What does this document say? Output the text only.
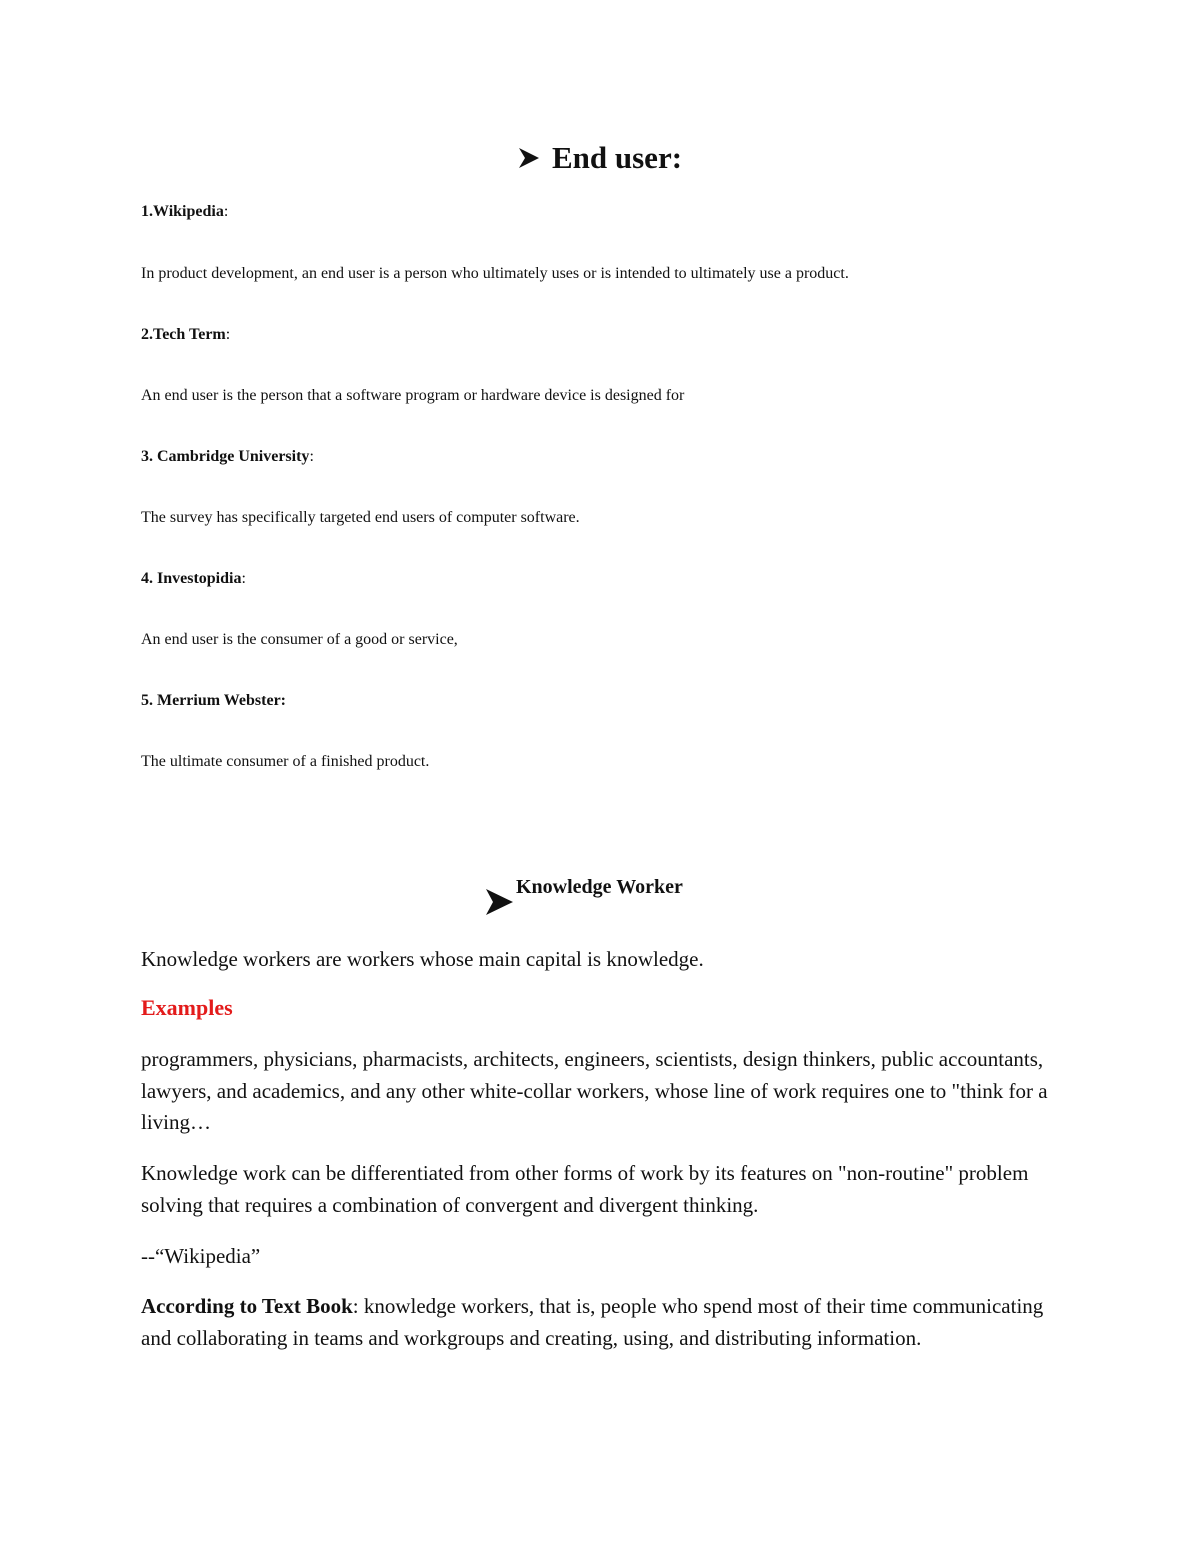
End user:
1.Wikipedia:
In product development, an end user is a person who ultimately uses or is intended to ultimately use a product.
2.Tech Term:
An end user is the person that a software program or hardware device is designed for
3. Cambridge University:
The survey has specifically targeted end users of computer software.
4. Investopidia:
An end user is the consumer of a good or service,
5. Merrium Webster:
The ultimate consumer of a finished product.
Knowledge Worker

Knowledge workers are workers whose main capital is knowledge.

Examples

programmers, physicians, pharmacists, architects, engineers, scientists, design thinkers, public accountants, lawyers, and academics, and any other white-collar workers, whose line of work requires one to "think for a living…

Knowledge work can be differentiated from other forms of work by its features on "non-routine" problem solving that requires a combination of convergent and divergent thinking.

--“Wikipedia”

According to Text Book: knowledge workers, that is, people who spend most of their time communicating and collaborating in teams and workgroups and creating, using, and distributing information.
